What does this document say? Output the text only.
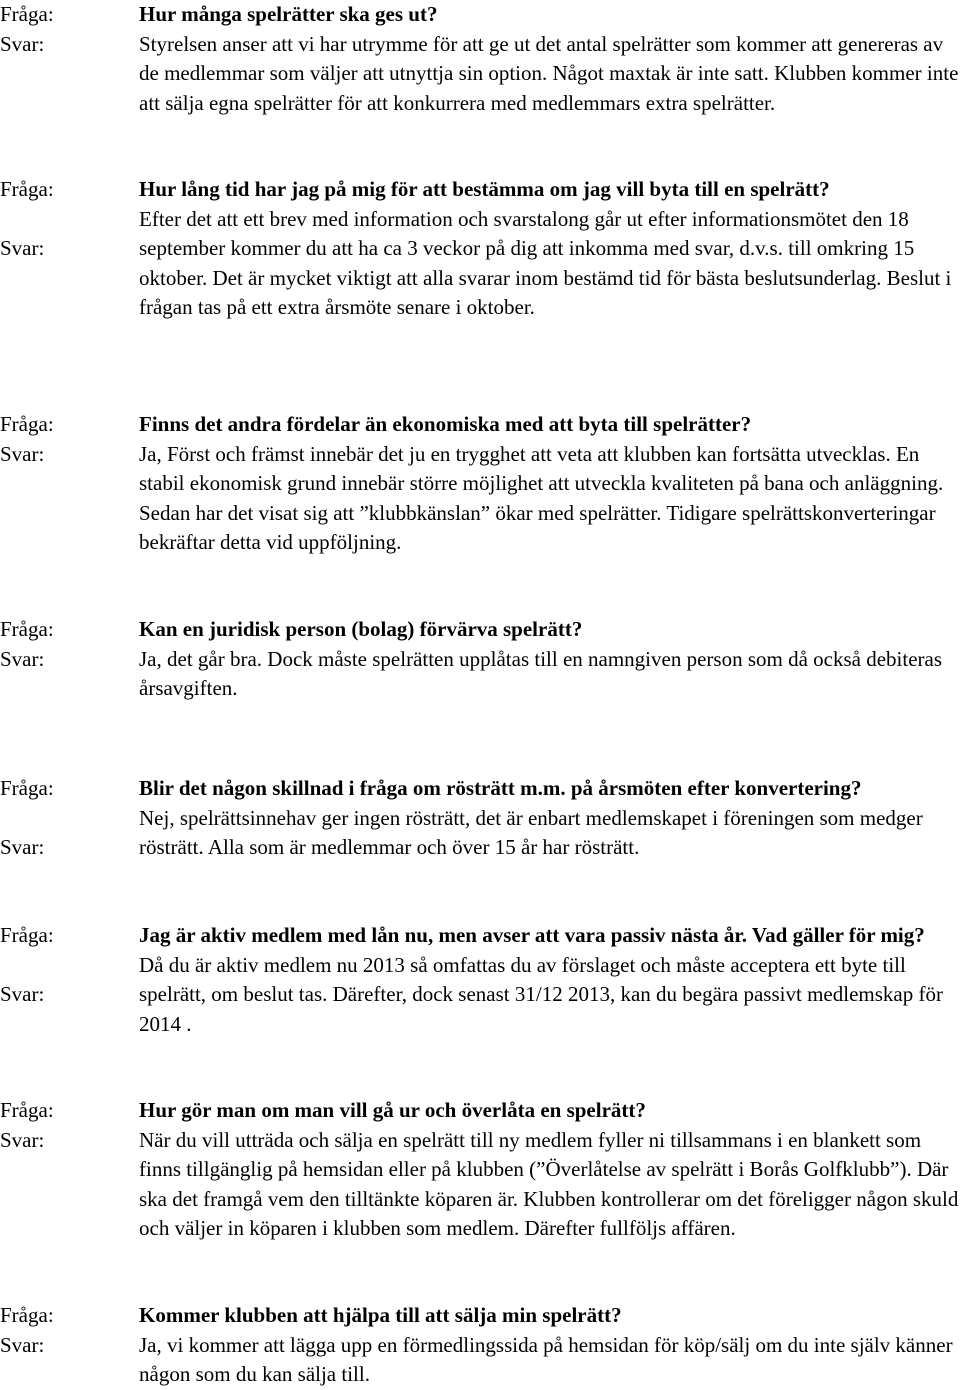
Fråga:
Svar:

Hur många spelrätter ska ges ut?

Styrelsen anser att vi har utrymme för att ge ut det antal spelrätter som kommer att genereras av de medlemmar som väljer att utnyttja sin option. Något maxtak är inte satt. Klubben kommer inte att sälja egna spelrätter för att konkurrera med medlemmars extra spelrätter.

Fråga:
Svar:

Hur lång tid har jag på mig för att bestämma om jag vill byta till en spelrätt?

Efter det att ett brev med information och svarstalong går ut efter informationsmötet den 18 september kommer du att ha ca 3 veckor på dig att inkomma med svar, d.v.s. till omkring 15 oktober. Det är mycket viktigt att alla svarar inom bestämd tid för bästa beslutsunderlag. Beslut i frågan tas på ett extra årsmöte senare i oktober.

Fråga:
Svar:

Finns det andra fördelar än ekonomiska med att byta till spelrätter?

Ja, Först och främst innebär det ju en trygghet att veta att klubben kan fortsätta utvecklas. En stabil ekonomisk grund innebär större möjlighet att utveckla kvaliteten på bana och anläggning. Sedan har det visat sig att ”klubbkänslan” ökar med spelrätter. Tidigare spelrättskonverteringar bekräftar detta vid uppföljning.

Fråga:
Svar:

Kan en juridisk person (bolag) förvärva spelrätt?

Ja, det går bra. Dock måste spelrätten upplåtas till en namngiven person som då också debiteras årsavgiften.

Fråga:
Svar:

Blir det någon skillnad i fråga om rösträtt m.m. på årsmöten efter konvertering?

Nej, spelrättsinnehav ger ingen rösträtt, det är enbart medlemskapet i föreningen som medger rösträtt. Alla som är medlemmar och över 15 år har rösträtt.

Fråga:
Svar:

Jag är aktiv medlem med lån nu, men avser att vara passiv nästa år. Vad gäller för mig?

Då du är aktiv medlem nu 2013 så omfattas du av förslaget och måste acceptera ett byte till spelrätt, om beslut tas. Därefter, dock senast 31/12 2013, kan du begära passivt medlemskap för 2014 .

Fråga:
Svar:

Hur gör man om man vill gå ur och överlåta en spelrätt?

När du vill utträda och sälja en spelrätt till ny medlem fyller ni tillsammans i en blankett som finns tillgänglig på hemsidan eller på klubben (”Överlåtelse av spelrätt i Borås Golfklubb”). Där ska det framgå vem den tilltänkte köparen är. Klubben kontrollerar om det föreligger någon skuld och väljer in köparen i klubben som medlem. Därefter fullföljs affären.

Fråga:
Svar:

Kommer klubben att hjälpa till att sälja min spelrätt?

Ja, vi kommer att lägga upp en förmedlingssida på hemsidan för köp/sälj om du inte själv känner någon som du kan sälja till.
